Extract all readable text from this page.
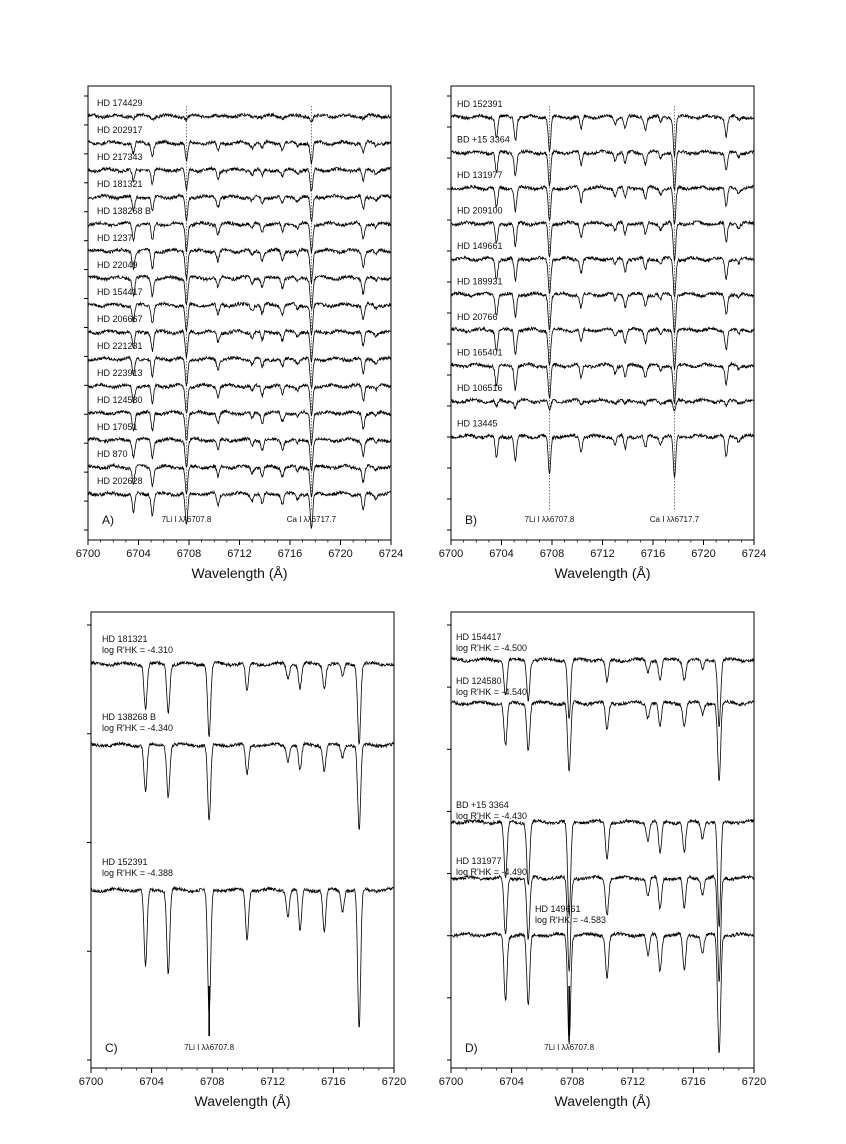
6700 6704 6708 6712 6716 6720 6724
Wavelength (Å)
A)
HD 174429
HD 202917
HD 217343
HD 181321
HD 138268 B
HD 1237
HD 22049
HD 154417
HD 206667
HD 221231
HD 223913
HD 124580
HD 17051
HD 870
HD 202628
7Li I λλ6707.8	Ca I λλ6717.7
6700 6704 6708 6712 6716 6720 6724
Wavelength (Å)
B)
HD 152391
BD +15 3364
HD 131977
HD 209100
HD 149661
HD 189931
HD 20766
HD 165401
HD 106516
HD 13445
7Li I λλ6707.8	Ca I λλ6717.7
6700	6704	6708	6712	6716	6720
Wavelength (Å)
C)
HD 181321
log R'HK = -4.310
HD 138268 B
log R'HK = -4.340
HD 152391
log R'HK = -4.388
7Li I λλ6707.8
6700	6704	6708	6712	6716	6720
Wavelength (Å)
D)
HD 154417
log R'HK = -4.500
HD 124580
log R'HK = -4.540
BD +15 3364
log R'HK = -4.430
HD 131977
log R'HK = -4.490
HD 149661
log R'HK = -4.583
7Li I λλ6707.8
